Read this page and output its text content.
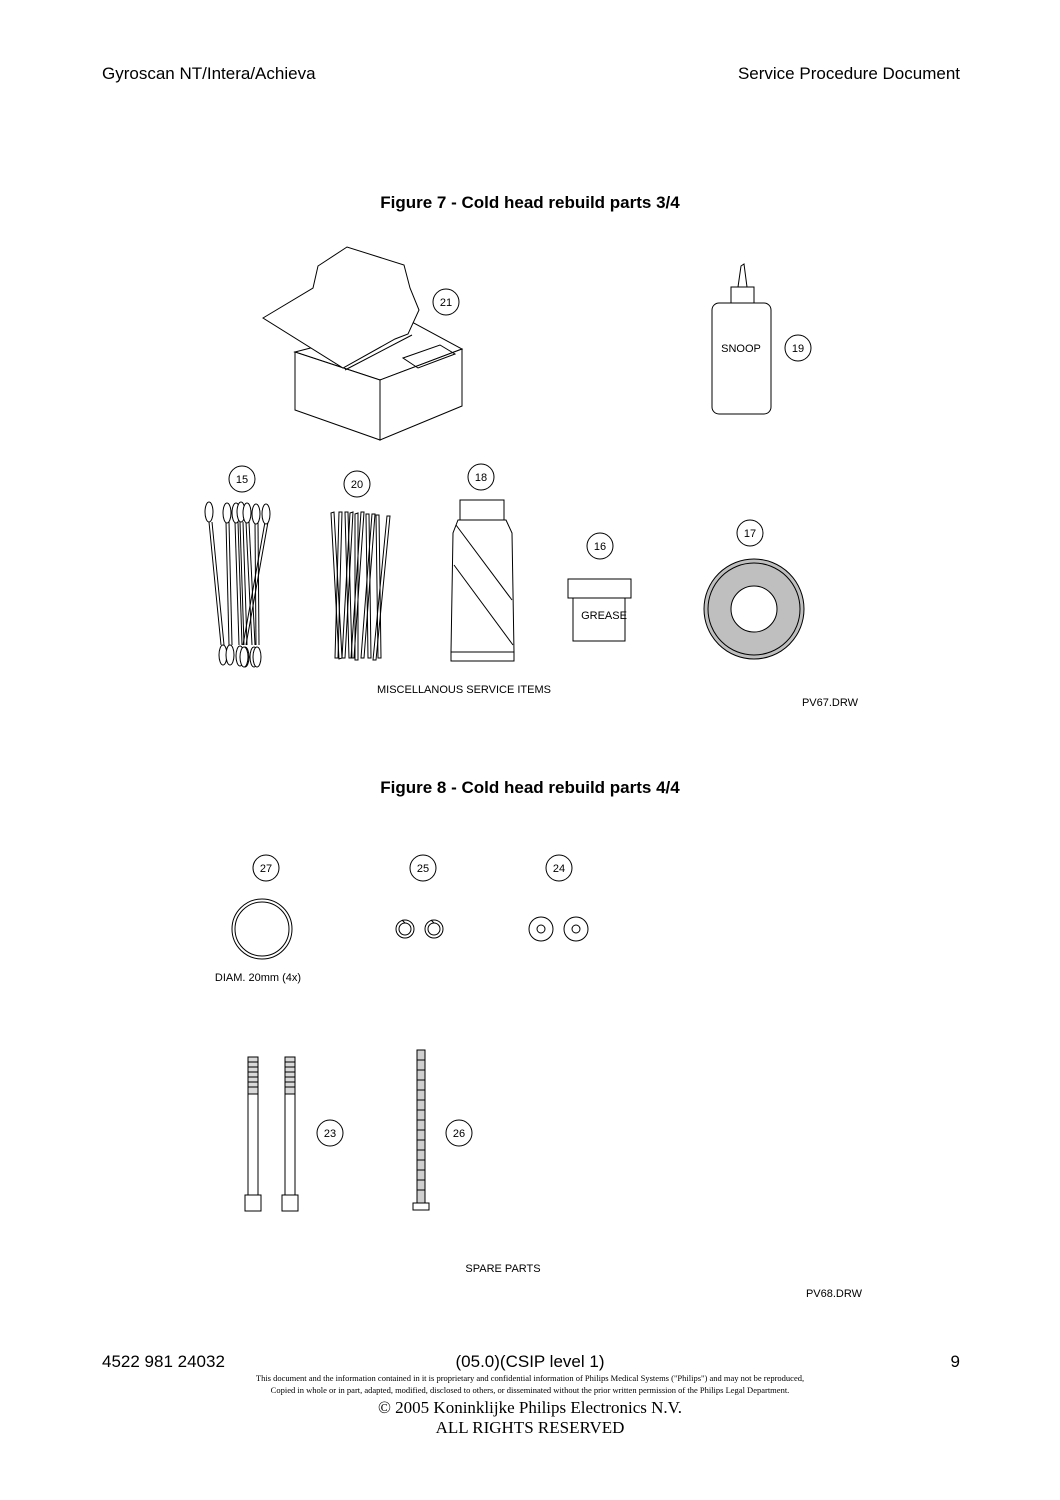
Gyroscan NT/Intera/Achieva	Service Procedure Document
Figure 7 - Cold head rebuild parts 3/4
Figure 8 - Cold head rebuild parts 4/4
21
SNOOP	19
15	20
18
16
GREASE
17
MISCELLANOUS SERVICE ITEMS
PV67.DRW
27
DIAM. 20mm (4x)
25	24
23	26
SPARE PARTS
PV68.DRW
4522 981 24032	(05.0)(CSIP level 1)	9
This document and the information contained in it is proprietary and confidential information of Philips Medical Systems ("Philips") and may not be reproduced,
Copied in whole or in part, adapted, modified, disclosed to others, or disseminated without the prior written permission of the Philips Legal Department.
© 2005 Koninklijke Philips Electronics N.V.
ALL RIGHTS RESERVED
